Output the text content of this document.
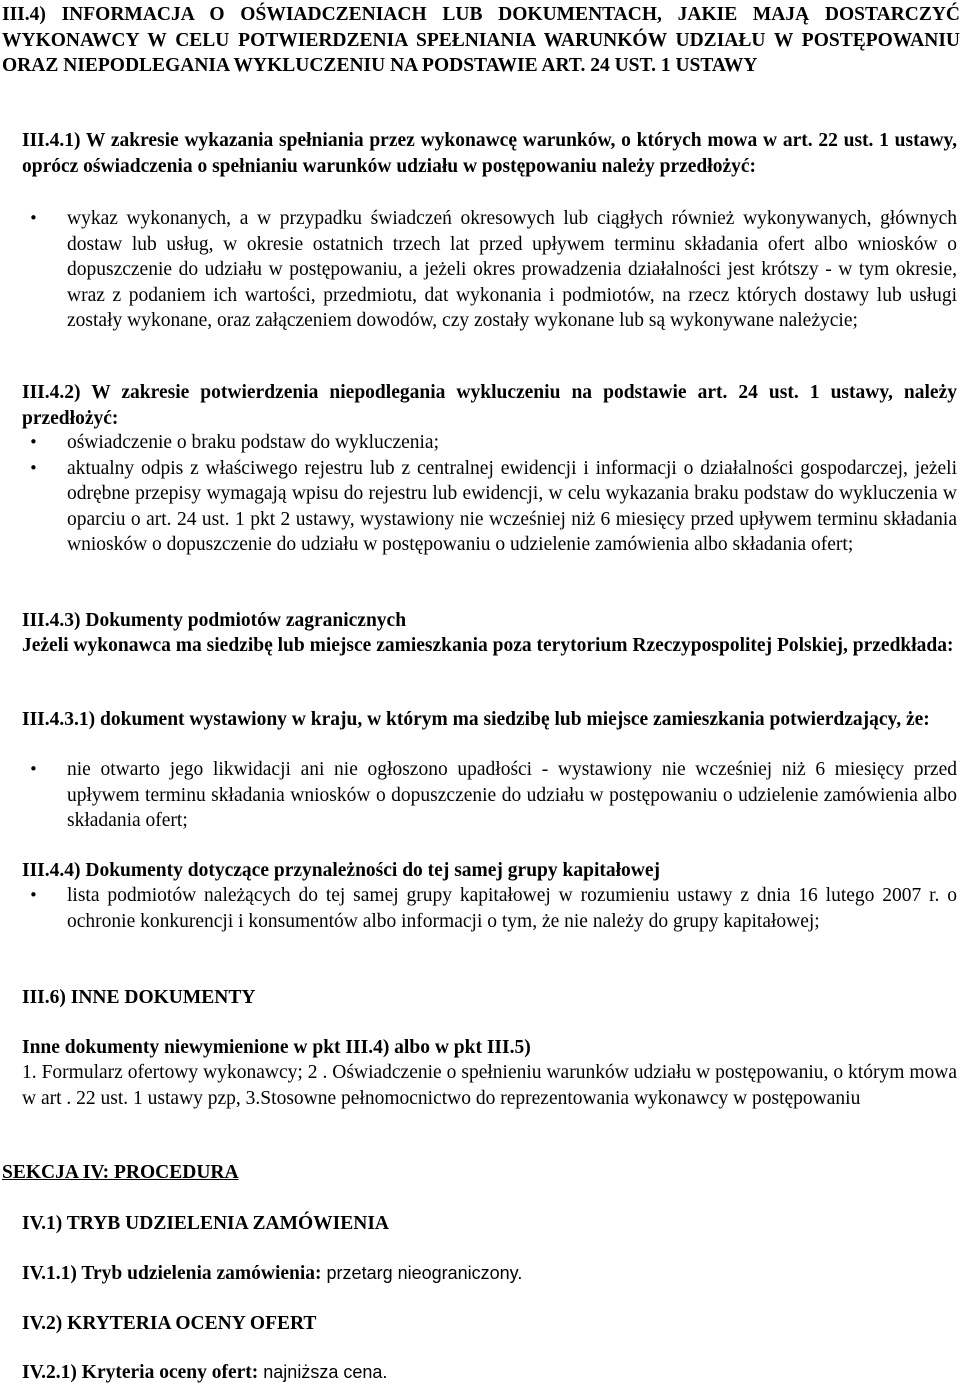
III.4) INFORMACJA O OŚWIADCZENIACH LUB DOKUMENTACH, JAKIE MAJĄ DOSTARCZYĆ WYKONAWCY W CELU POTWIERDZENIA SPEŁNIANIA WARUNKÓW UDZIAŁU W POSTĘPOWANIU ORAZ NIEPODLEGANIA WYKLUCZENIU NA PODSTAWIE ART. 24 UST. 1 USTAWY
III.4.1) W zakresie wykazania spełniania przez wykonawcę warunków, o których mowa w art. 22 ust. 1 ustawy, oprócz oświadczenia o spełnianiu warunków udziału w postępowaniu należy przedłożyć:
• wykaz wykonanych, a w przypadku świadczeń okresowych lub ciągłych również wykonywanych, głównych dostaw lub usług, w okresie ostatnich trzech lat przed upływem terminu składania ofert albo wniosków o dopuszczenie do udziału w postępowaniu, a jeżeli okres prowadzenia działalności jest krótszy - w tym okresie, wraz z podaniem ich wartości, przedmiotu, dat wykonania i podmiotów, na rzecz których dostawy lub usługi zostały wykonane, oraz załączeniem dowodów, czy zostały wykonane lub są wykonywane należycie;
III.4.2) W zakresie potwierdzenia niepodlegania wykluczeniu na podstawie art. 24 ust. 1 ustawy, należy przedłożyć:
• oświadczenie o braku podstaw do wykluczenia;
• aktualny odpis z właściwego rejestru lub z centralnej ewidencji i informacji o działalności gospodarczej, jeżeli odrębne przepisy wymagają wpisu do rejestru lub ewidencji, w celu wykazania braku podstaw do wykluczenia w oparciu o art. 24 ust. 1 pkt 2 ustawy, wystawiony nie wcześniej niż 6 miesięcy przed upływem terminu składania wniosków o dopuszczenie do udziału w postępowaniu o udzielenie zamówienia albo składania ofert;
III.4.3) Dokumenty podmiotów zagranicznych
Jeżeli wykonawca ma siedzibę lub miejsce zamieszkania poza terytorium Rzeczypospolitej Polskiej, przedkłada:
III.4.3.1) dokument wystawiony w kraju, w którym ma siedzibę lub miejsce zamieszkania potwierdzający, że:
• nie otwarto jego likwidacji ani nie ogłoszono upadłości - wystawiony nie wcześniej niż 6 miesięcy przed upływem terminu składania wniosków o dopuszczenie do udziału w postępowaniu o udzielenie zamówienia albo składania ofert;
III.4.4) Dokumenty dotyczące przynależności do tej samej grupy kapitałowej
• lista podmiotów należących do tej samej grupy kapitałowej w rozumieniu ustawy z dnia 16 lutego 2007 r. o ochronie konkurencji i konsumentów albo informacji o tym, że nie należy do grupy kapitałowej;
III.6) INNE DOKUMENTY
Inne dokumenty niewymienione w pkt III.4) albo w pkt III.5)
1. Formularz ofertowy wykonawcy; 2 . Oświadczenie o spełnieniu warunków udziału w postępowaniu, o którym mowa w art . 22 ust. 1 ustawy pzp, 3.Stosowne pełnomocnictwo do reprezentowania wykonawcy w postępowaniu
SEKCJA IV: PROCEDURA
IV.1) TRYB UDZIELENIA ZAMÓWIENIA
IV.1.1) Tryb udzielenia zamówienia: przetarg nieograniczony.
IV.2) KRYTERIA OCENY OFERT
IV.2.1) Kryteria oceny ofert: najniższa cena.
